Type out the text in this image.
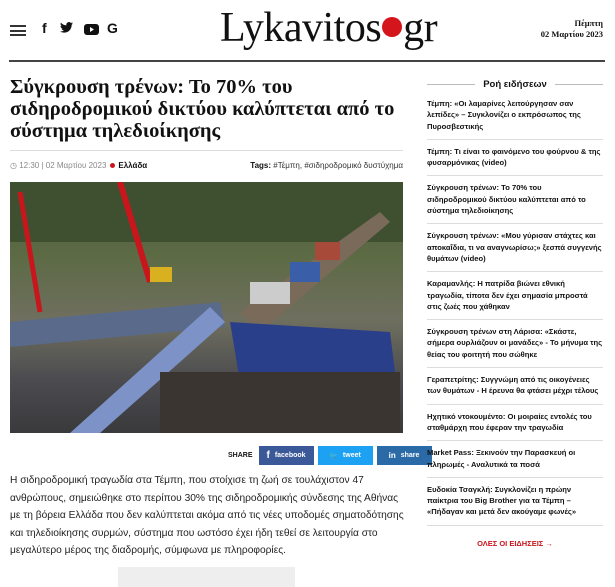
f	G Lykavitos gr	Πέμπτη
02 Μαρτίου 2023
Σύγκρουση τρένων: Το 70% του σιδηροδρομικού δικτύου καλύπτεται από το σύστημα τηλεδιοίκησης
◷ 12:30 | 02 Μαρτίου 2023 Ελλάδα	Tags: #Τέμπη, #σιδηροδρομικό δυστύχημα
SHARE f facebook	🐦 tweet	in share

Η σιδηροδρομική τραγωδία στα Τέμπη, που στοίχισε τη ζωή σε τουλάχιστον 47 ανθρώπους, σημειώθηκε στο περίπου 30% της σιδηροδρομικής σύνδεσης της Αθήνας με τη βόρεια Ελλάδα που δεν καλύπτεται ακόμα από τις νέες υποδομές σηματοδότησης και τηλεδιοίκησης συρμών, σύστημα που ωστόσο έχει ήδη τεθεί σε λειτουργία στο μεγαλύτερο μέρος της διαδρομής, σύμφωνα με πληροφορίες.

Ροή ειδήσεων
Τέμπη: «Οι λαμαρίνες λειτούργησαν σαν λεπίδες» – Συγκλονίζει ο εκπρόσωπος της Πυροσβεστικής
Τέμπη: Τι είναι το φαινόμενο του φούρνου & της φυσαρμόνικας (video)
Σύγκρουση τρένων: Το 70% του σιδηροδρομικού δικτύου καλύπτεται από το σύστημα τηλεδιοίκησης
Σύγκρουση τρένων: «Μου γύρισαν στάχτες και αποκαΐδια, τι να αναγνωρίσω;» ξεσπά συγγενής θυμάτων (video)
Καραμανλής: Η πατρίδα βιώνει εθνική τραγωδία, τίποτα δεν έχει σημασία μπροστά στις ζωές που χάθηκαν
Σύγκρουση τρένων στη Λάρισα: «Σκάστε, σήμερα ουρλιάζουν οι μανάδες» - Το μήνυμα της θείας του φοιτητή που σώθηκε
Γεραπετρίτης: Συγγνώμη από τις οικογένειες των θυμάτων - Η έρευνα θα φτάσει μέχρι τέλους
Ηχητικό ντοκουμέντο: Οι μοιραίες εντολές του σταθμάρχη που έφεραν την τραγωδία
Market Pass: Ξεκινούν την Παρασκευή οι πληρωμές - Αναλυτικά τα ποσά
Ευδοκία Τσαγκλή: Συγκλονίζει η πρώην παίκτρια του Big Brother για τα Τέμπη – «Πήδαγαν και μετά δεν ακούγαμε φωνές»
ΟΛΕΣ ΟΙ ΕΙΔΗΣΕΙΣ →
